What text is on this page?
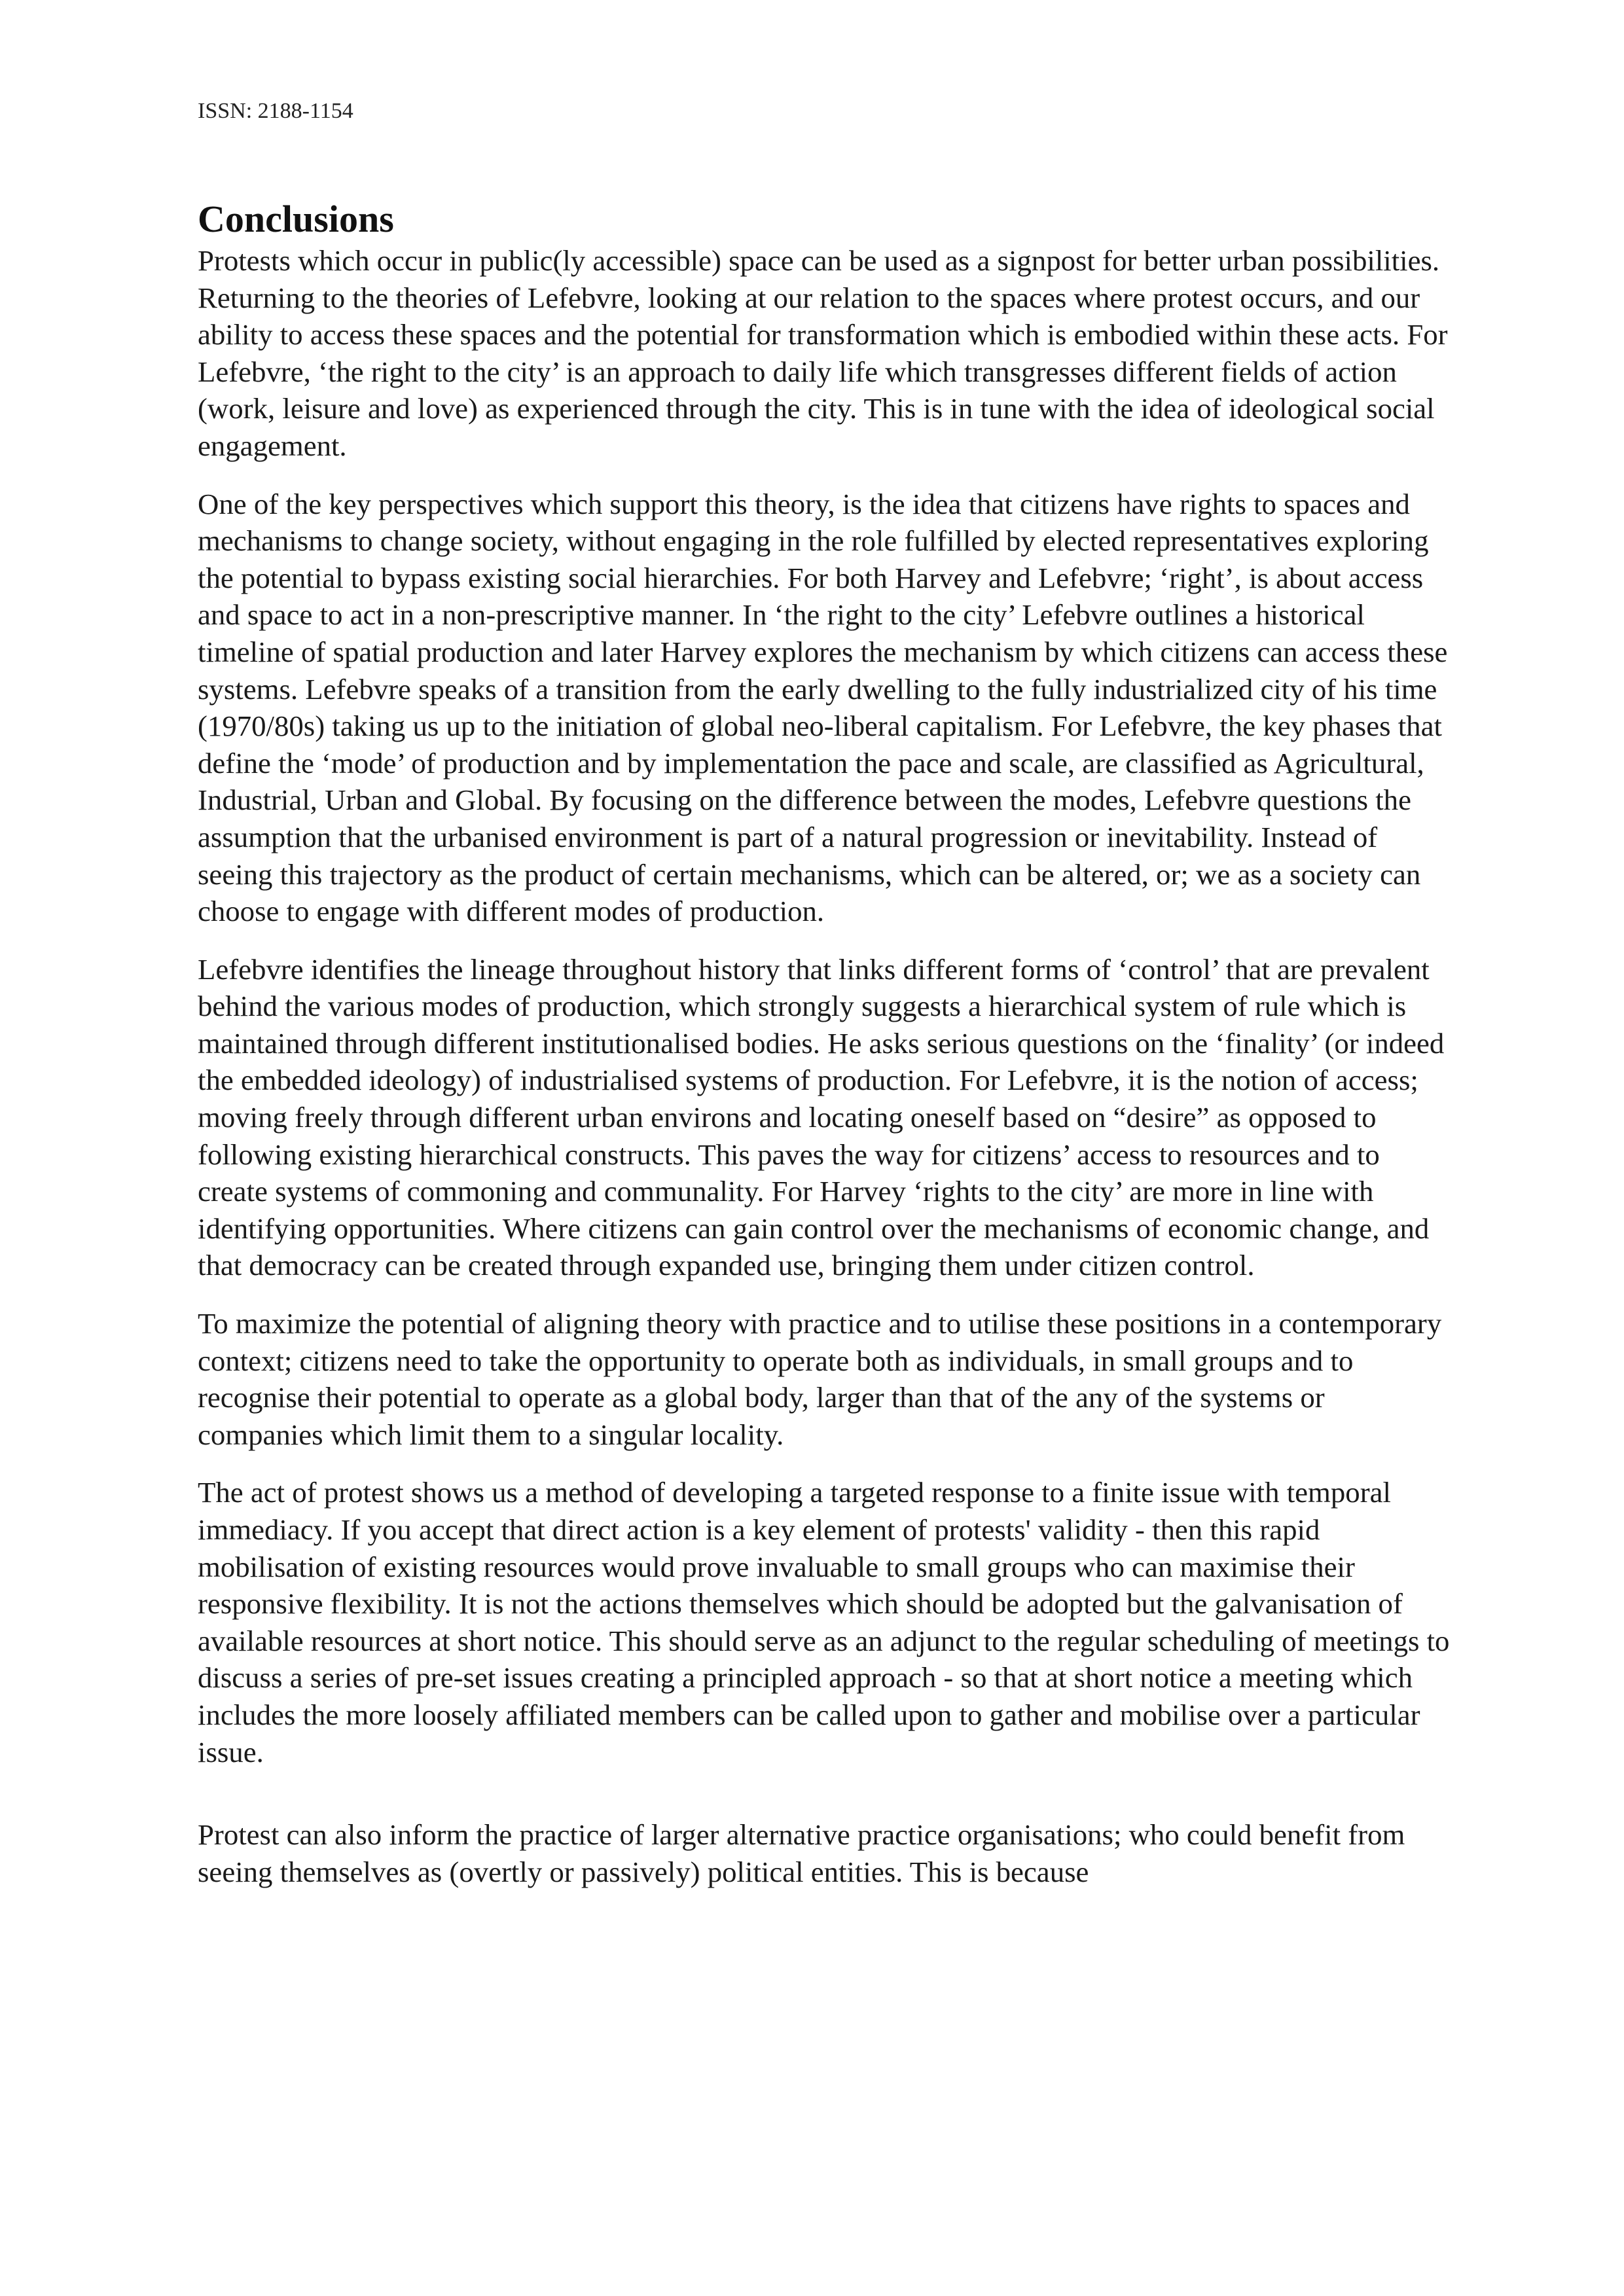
ISSN: 2188-1154
Conclusions

Protests which occur in public(ly accessible) space can be used as a signpost for better urban possibilities. Returning to the theories of Lefebvre, looking at our relation to the spaces where protest occurs, and our ability to access these spaces and the potential for transformation which is embodied within these acts. For Lefebvre, ‘the right to the city’ is an approach to daily life which transgresses different fields of action (work, leisure and love) as experienced through the city. This is in tune with the idea of ideological social engagement.

One of the key perspectives which support this theory, is the idea that citizens have rights to spaces and mechanisms to change society, without engaging in the role fulfilled by elected representatives exploring the potential to bypass existing social hierarchies. For both Harvey and Lefebvre; ‘right’, is about access and space to act in a non-prescriptive manner. In ‘the right to the city’ Lefebvre outlines a historical timeline of spatial production and later Harvey explores the mechanism by which citizens can access these systems. Lefebvre speaks of a transition from the early dwelling to the fully industrialized city of his time (1970/80s) taking us up to the initiation of global neo-liberal capitalism. For Lefebvre, the key phases that define the ‘mode’ of production and by implementation the pace and scale, are classified as Agricultural, Industrial, Urban and Global. By focusing on the difference between the modes, Lefebvre questions the assumption that the urbanised environment is part of a natural progression or inevitability. Instead of seeing this trajectory as the product of certain mechanisms, which can be altered, or; we as a society can choose to engage with different modes of production.

Lefebvre identifies the lineage throughout history that links different forms of ‘control’ that are prevalent behind the various modes of production, which strongly suggests a hierarchical system of rule which is maintained through different institutionalised bodies. He asks serious questions on the ‘finality’ (or indeed the embedded ideology) of industrialised systems of production. For Lefebvre, it is the notion of access; moving freely through different urban environs and locating oneself based on “desire” as opposed to following existing hierarchical constructs. This paves the way for citizens’ access to resources and to create systems of commoning and communality. For Harvey ‘rights to the city’ are more in line with identifying opportunities. Where citizens can gain control over the mechanisms of economic change, and that democracy can be created through expanded use, bringing them under citizen control.

To maximize the potential of aligning theory with practice and to utilise these positions in a contemporary context; citizens need to take the opportunity to operate both as individuals, in small groups and to recognise their potential to operate as a global body, larger than that of the any of the systems or companies which limit them to a singular locality.

The act of protest shows us a method of developing a targeted response to a finite issue with temporal immediacy. If you accept that direct action is a key element of protests' validity - then this rapid mobilisation of existing resources would prove invaluable to small groups who can maximise their responsive flexibility. It is not the actions themselves which should be adopted but the galvanisation of available resources at short notice. This should serve as an adjunct to the regular scheduling of meetings to discuss a series of pre-set issues creating a principled approach - so that at short notice a meeting which includes the more loosely affiliated members can be called upon to gather and mobilise over a particular issue.

Protest can also inform the practice of larger alternative practice organisations; who could benefit from seeing themselves as (overtly or passively) political entities. This is because
